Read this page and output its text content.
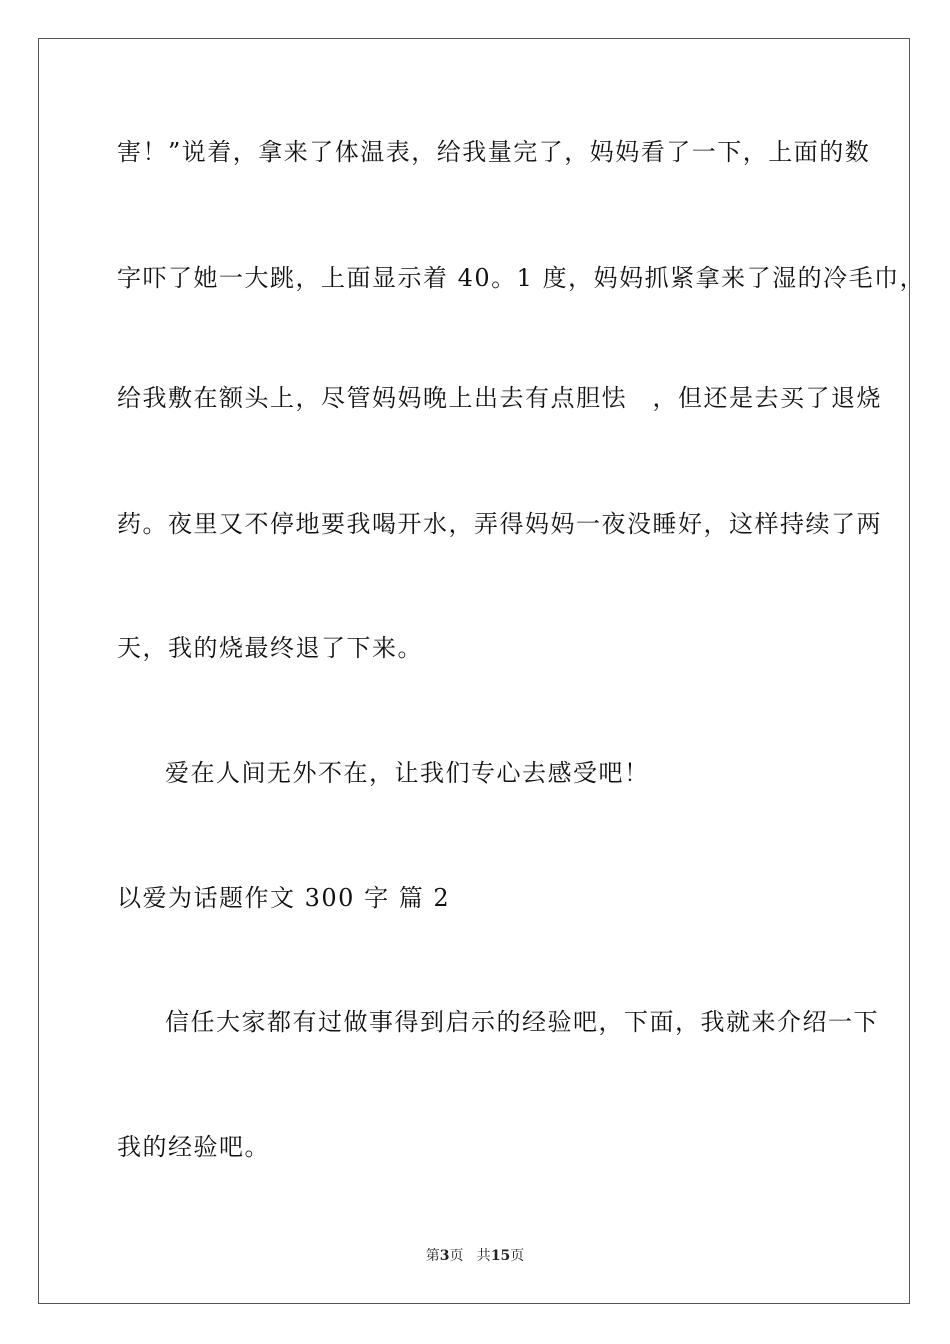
害！”说着，拿来了体温表，给我量完了，妈妈看了一下，上面的数
字吓了她一大跳，上面显示着 40。1 度，妈妈抓紧拿来了湿的冷毛巾，
给我敷在额头上，尽管妈妈晚上出去有点胆怯　，但还是去买了退烧
药。夜里又不停地要我喝开水，弄得妈妈一夜没睡好，这样持续了两
天，我的烧最终退了下来。
爱在人间无外不在，让我们专心去感受吧！
以爱为话题作文 300 字 篇 2
信任大家都有过做事得到启示的经验吧，下面，我就来介绍一下
我的经验吧。
第3页   共15页
